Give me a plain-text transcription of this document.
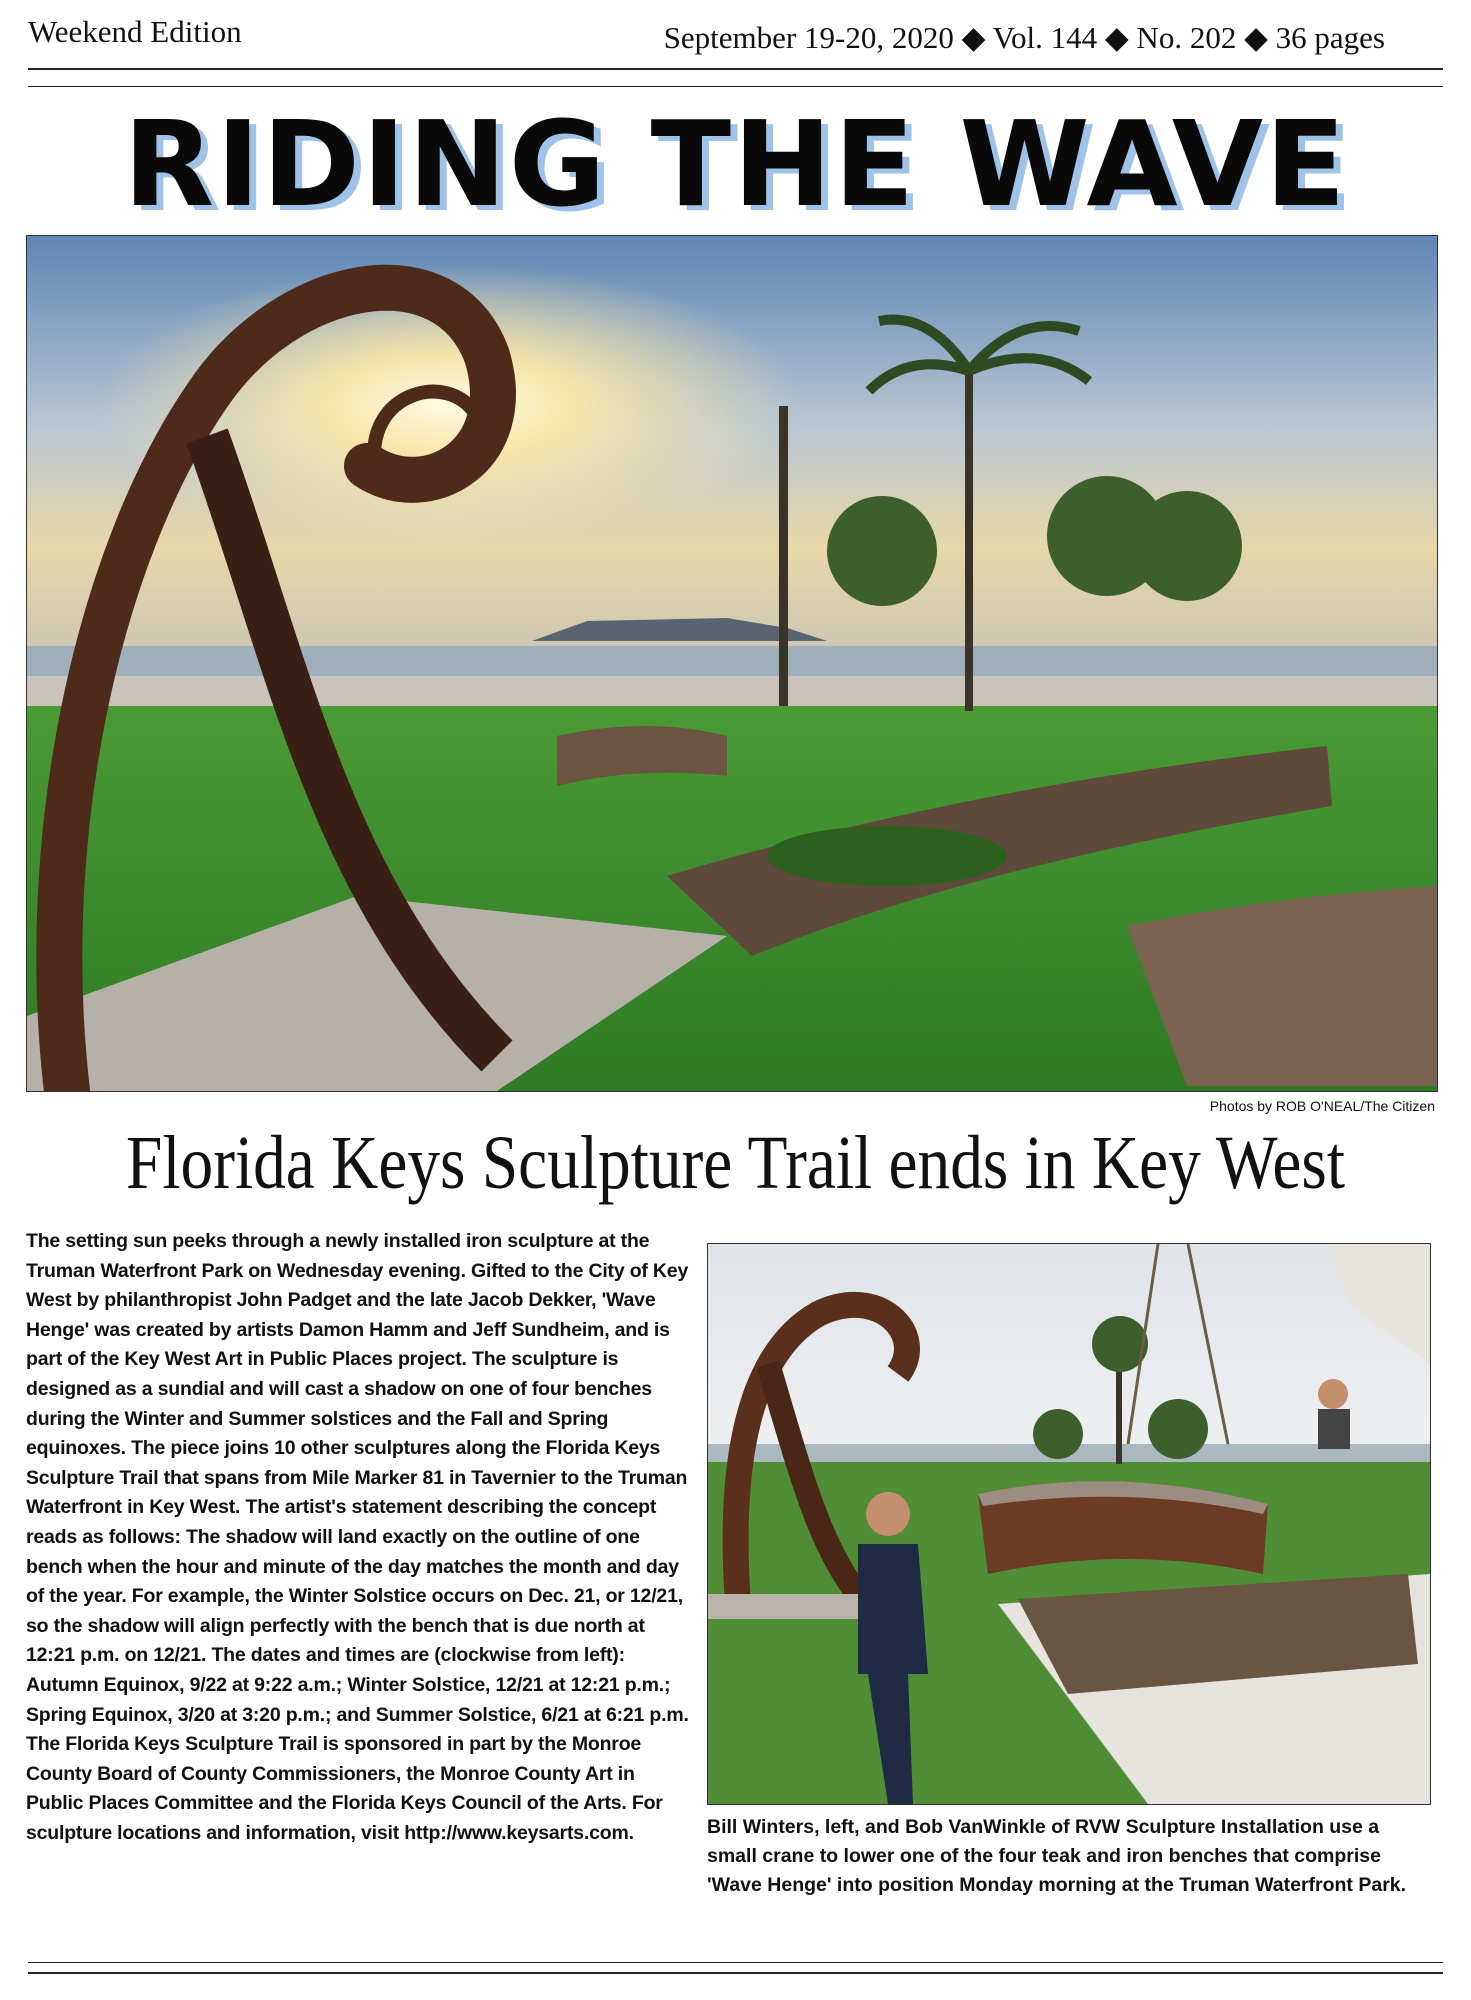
Weekend Edition	September 19-20, 2020 ◆ Vol. 144 ◆ No. 202 ◆ 36 pages
RIDING THE WAVE
Photos by ROB O'NEAL/The Citizen
Florida Keys Sculpture Trail ends in Key West
The setting sun peeks through a newly installed iron sculpture at the Truman Waterfront Park on Wednesday evening. Gifted to the City of Key West by philanthropist John Padget and the late Jacob Dekker, 'Wave Henge' was created by artists Damon Hamm and Jeff Sundheim, and is part of the Key West Art in Public Places project. The sculpture is designed as a sundial and will cast a shadow on one of four benches during the Winter and Summer solstices and the Fall and Spring equinoxes. The piece joins 10 other sculptures along the Florida Keys Sculpture Trail that spans from Mile Marker 81 in Tavernier to the Truman Waterfront in Key West. The artist's statement describing the concept reads as follows: The shadow will land exactly on the outline of one bench when the hour and minute of the day matches the month and day of the year. For example, the Winter Solstice occurs on Dec. 21, or 12/21, so the shadow will align perfectly with the bench that is due north at 12:21 p.m. on 12/21. The dates and times are (clockwise from left): Autumn Equinox, 9/22 at 9:22 a.m.; Winter Solstice, 12/21 at 12:21 p.m.; Spring Equinox, 3/20 at 3:20 p.m.; and Summer Solstice, 6/21 at 6:21 p.m. The Florida Keys Sculpture Trail is sponsored in part by the Monroe County Board of County Commissioners, the Monroe County Art in Public Places Committee and the Florida Keys Council of the Arts. For sculpture locations and information, visit http://www.keysarts.com.	Bill Winters, left, and Bob VanWinkle of RVW Sculpture Installation use a small crane to lower one of the four teak and iron benches that comprise 'Wave Henge' into position Monday morning at the Truman Waterfront Park.
